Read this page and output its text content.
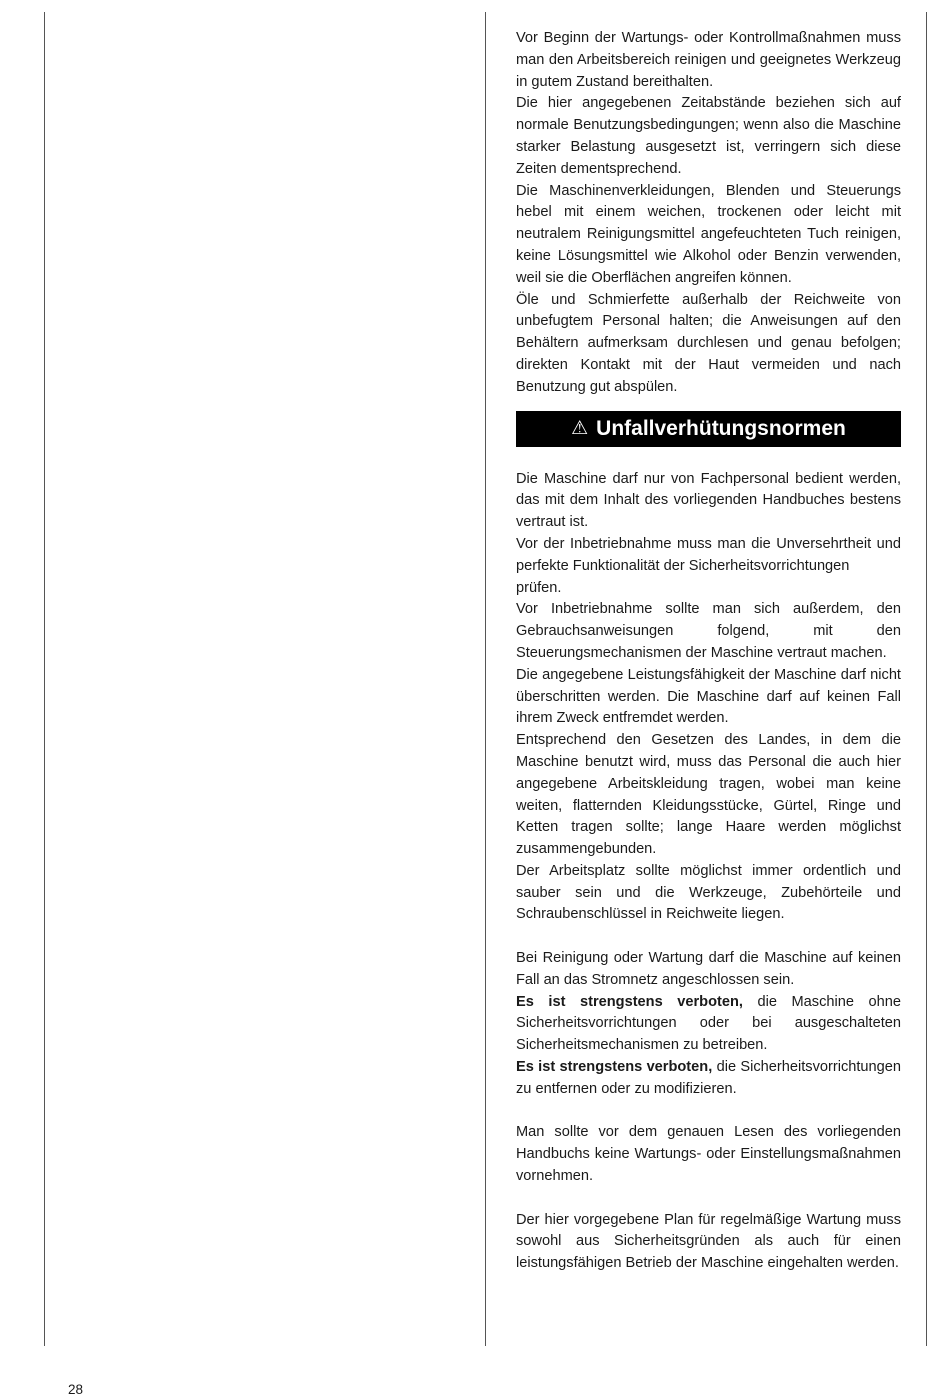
Vor Beginn der Wartungs- oder Kontrollmaßnahmen muss man den Arbeitsbereich reinigen und geeignetes Werkzeug in gutem Zustand bereithalten.

Die hier angegebenen Zeitabstände beziehen sich auf normale Benutzungsbedingungen; wenn also die Maschine starker Belastung ausgesetzt ist, verringern sich diese Zeiten dementsprechend.

Die Maschinenverkleidungen, Blenden und Steuerungs hebel mit einem weichen, trockenen oder leicht mit neutralem Reinigungsmittel angefeuchteten Tuch reinigen, keine Lösungsmittel wie Alkohol oder Benzin verwenden, weil sie die Oberflächen angreifen können.

Öle und Schmierfette außerhalb der Reichweite von unbefugtem Personal halten; die Anweisungen auf den Behältern aufmerksam durchlesen und genau befolgen; direkten Kontakt mit der Haut vermeiden und nach Benutzung gut abspülen.

⚠ Unfallverhütungsnormen

Die Maschine darf nur von Fachpersonal bedient werden, das mit dem Inhalt des vorliegenden Handbuches bestens vertraut ist.

Vor der Inbetriebnahme muss man die Unversehrtheit und perfekte Funktionalität der Sicherheitsvorrichtungen

prüfen.

Vor Inbetriebnahme sollte man sich außerdem, den Gebrauchsanweisungen folgend, mit den Steuerungsmechanismen der Maschine vertraut machen.

Die angegebene Leistungsfähigkeit der Maschine darf nicht überschritten werden. Die Maschine darf auf keinen Fall ihrem Zweck entfremdet werden.

Entsprechend den Gesetzen des Landes, in dem die Maschine benutzt wird, muss das Personal die auch hier angegebene Arbeitskleidung tragen, wobei man keine weiten, flatternden Kleidungsstücke, Gürtel, Ringe und Ketten tragen sollte; lange Haare werden möglichst zusammengebunden.

Der Arbeitsplatz sollte möglichst immer ordentlich und sauber sein und die Werkzeuge, Zubehörteile und Schraubenschlüssel in Reichweite liegen.

Bei Reinigung oder Wartung darf die Maschine auf keinen Fall an das Stromnetz angeschlossen sein.

Es ist strengstens verboten, die Maschine ohne Sicherheitsvorrichtungen oder bei ausgeschalteten Sicherheitsmechanismen zu betreiben.

Es ist strengstens verboten, die Sicherheitsvorrichtungen zu entfernen oder zu modifizieren.

Man sollte vor dem genauen Lesen des vorliegenden Handbuchs keine Wartungs- oder Einstellungsmaßnahmen vornehmen.

Der hier vorgegebene Plan für regelmäßige Wartung muss sowohl aus Sicherheitsgründen als auch für einen leistungsfähigen Betrieb der Maschine eingehalten werden.

28
